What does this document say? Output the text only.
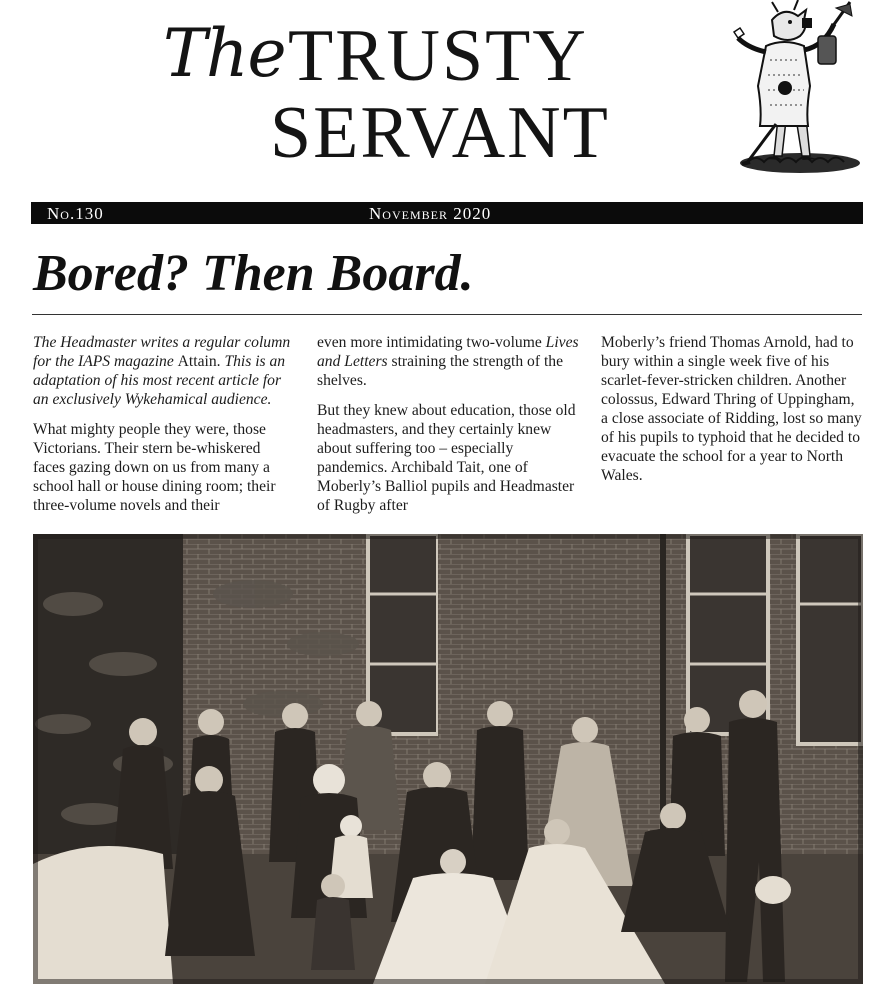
The TRUSTY
SERVANT
No.130	November 2020
Bored? Then Board.

The Headmaster writes a regular column for the IAPS magazine Attain. This is an adaptation of his most recent article for an exclusively Wykehamical audience.

What mighty people they were, those Victorians. Their stern be-whiskered faces gazing down on us from many a school hall or house dining room; their three-volume novels and their

even more intimidating two-volume Lives and Letters straining the strength of the shelves.

But they knew about education, those old headmasters, and they certainly knew about suffering too – especially pandemics. Archibald Tait, one of Moberly’s Balliol pupils and Headmaster of Rugby after

Moberly’s friend Thomas Arnold, had to bury within a single week five of his scarlet-fever-stricken children. Another colossus, Edward Thring of Uppingham, a close associate of Ridding, lost so many of his pupils to typhoid that he decided to evacuate the school for a year to North Wales.
